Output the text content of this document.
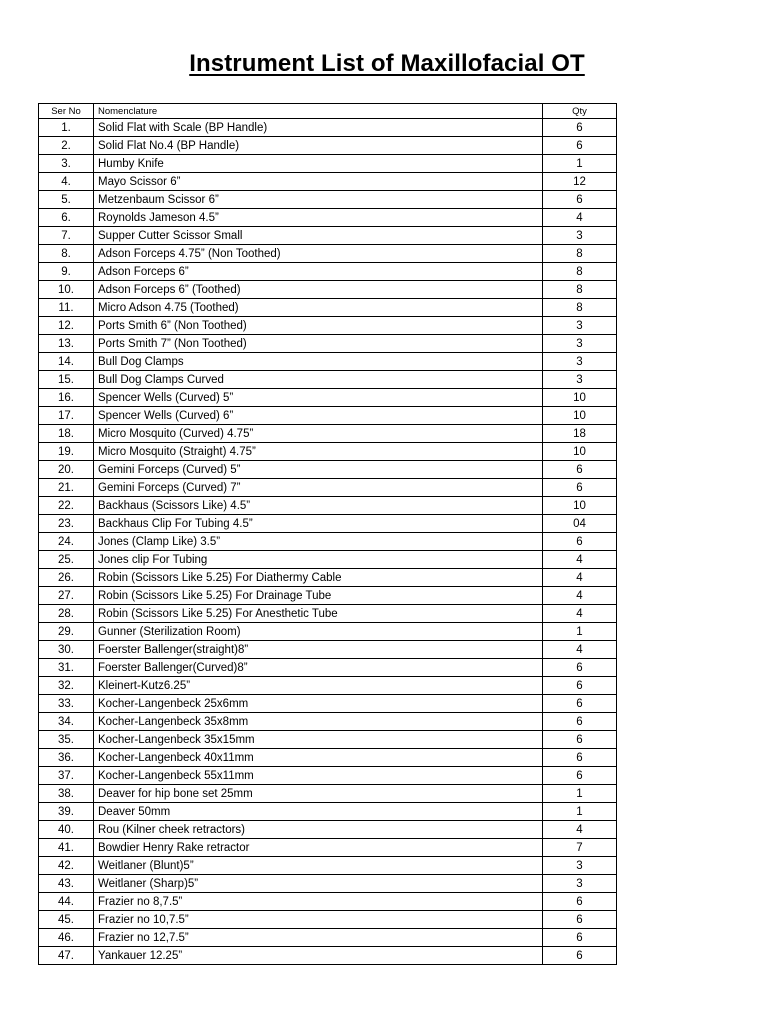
Instrument List of Maxillofacial OT
Ser No	Nomenclature	Qty
1.	Solid Flat with Scale (BP Handle)	6
2.	Solid Flat No.4 (BP Handle)	6
3.	Humby Knife	1
4.	Mayo Scissor 6”	12
5.	Metzenbaum Scissor 6”	6
6.	Roynolds Jameson 4.5”	4
7.	Supper Cutter Scissor Small	3
8.	Adson Forceps 4.75” (Non Toothed)	8
9.	Adson Forceps 6”	8
10.	Adson Forceps 6” (Toothed)	8
11.	Micro Adson 4.75 (Toothed)	8
12.	Ports Smith 6” (Non Toothed)	3
13.	Ports Smith 7” (Non Toothed)	3
14.	Bull Dog Clamps	3
15.	Bull Dog Clamps Curved	3
16.	Spencer Wells (Curved) 5”	10
17.	Spencer Wells (Curved) 6”	10
18.	Micro Mosquito (Curved) 4.75”	18
19.	Micro Mosquito (Straight) 4.75”	10
20.	Gemini Forceps (Curved) 5”	6
21.	Gemini Forceps (Curved) 7”	6
22.	Backhaus (Scissors Like) 4.5”	10
23.	Backhaus Clip For Tubing 4.5”	04
24.	Jones (Clamp Like) 3.5”	6
25.	Jones clip For Tubing	4
26.	Robin (Scissors Like 5.25) For Diathermy Cable	4
27.	Robin (Scissors Like 5.25) For Drainage Tube	4
28.	Robin (Scissors Like 5.25) For Anesthetic Tube	4
29.	Gunner (Sterilization Room)	1
30.	Foerster Ballenger(straight)8”	4
31.	Foerster Ballenger(Curved)8”	6
32.	Kleinert-Kutz6.25”	6
33.	Kocher-Langenbeck 25x6mm	6
34.	Kocher-Langenbeck 35x8mm	6
35.	Kocher-Langenbeck 35x15mm	6
36.	Kocher-Langenbeck 40x11mm	6
37.	Kocher-Langenbeck 55x11mm	6
38.	Deaver for hip bone set 25mm	1
39.	Deaver 50mm	1
40.	Rou (Kilner cheek retractors)	4
41.	Bowdier Henry Rake retractor	7
42.	Weitlaner (Blunt)5”	3
43.	Weitlaner (Sharp)5”	3
44.	Frazier no 8,7.5”	6
45.	Frazier no 10,7.5”	6
46.	Frazier no 12,7.5”	6
47.	Yankauer 12.25”	6
